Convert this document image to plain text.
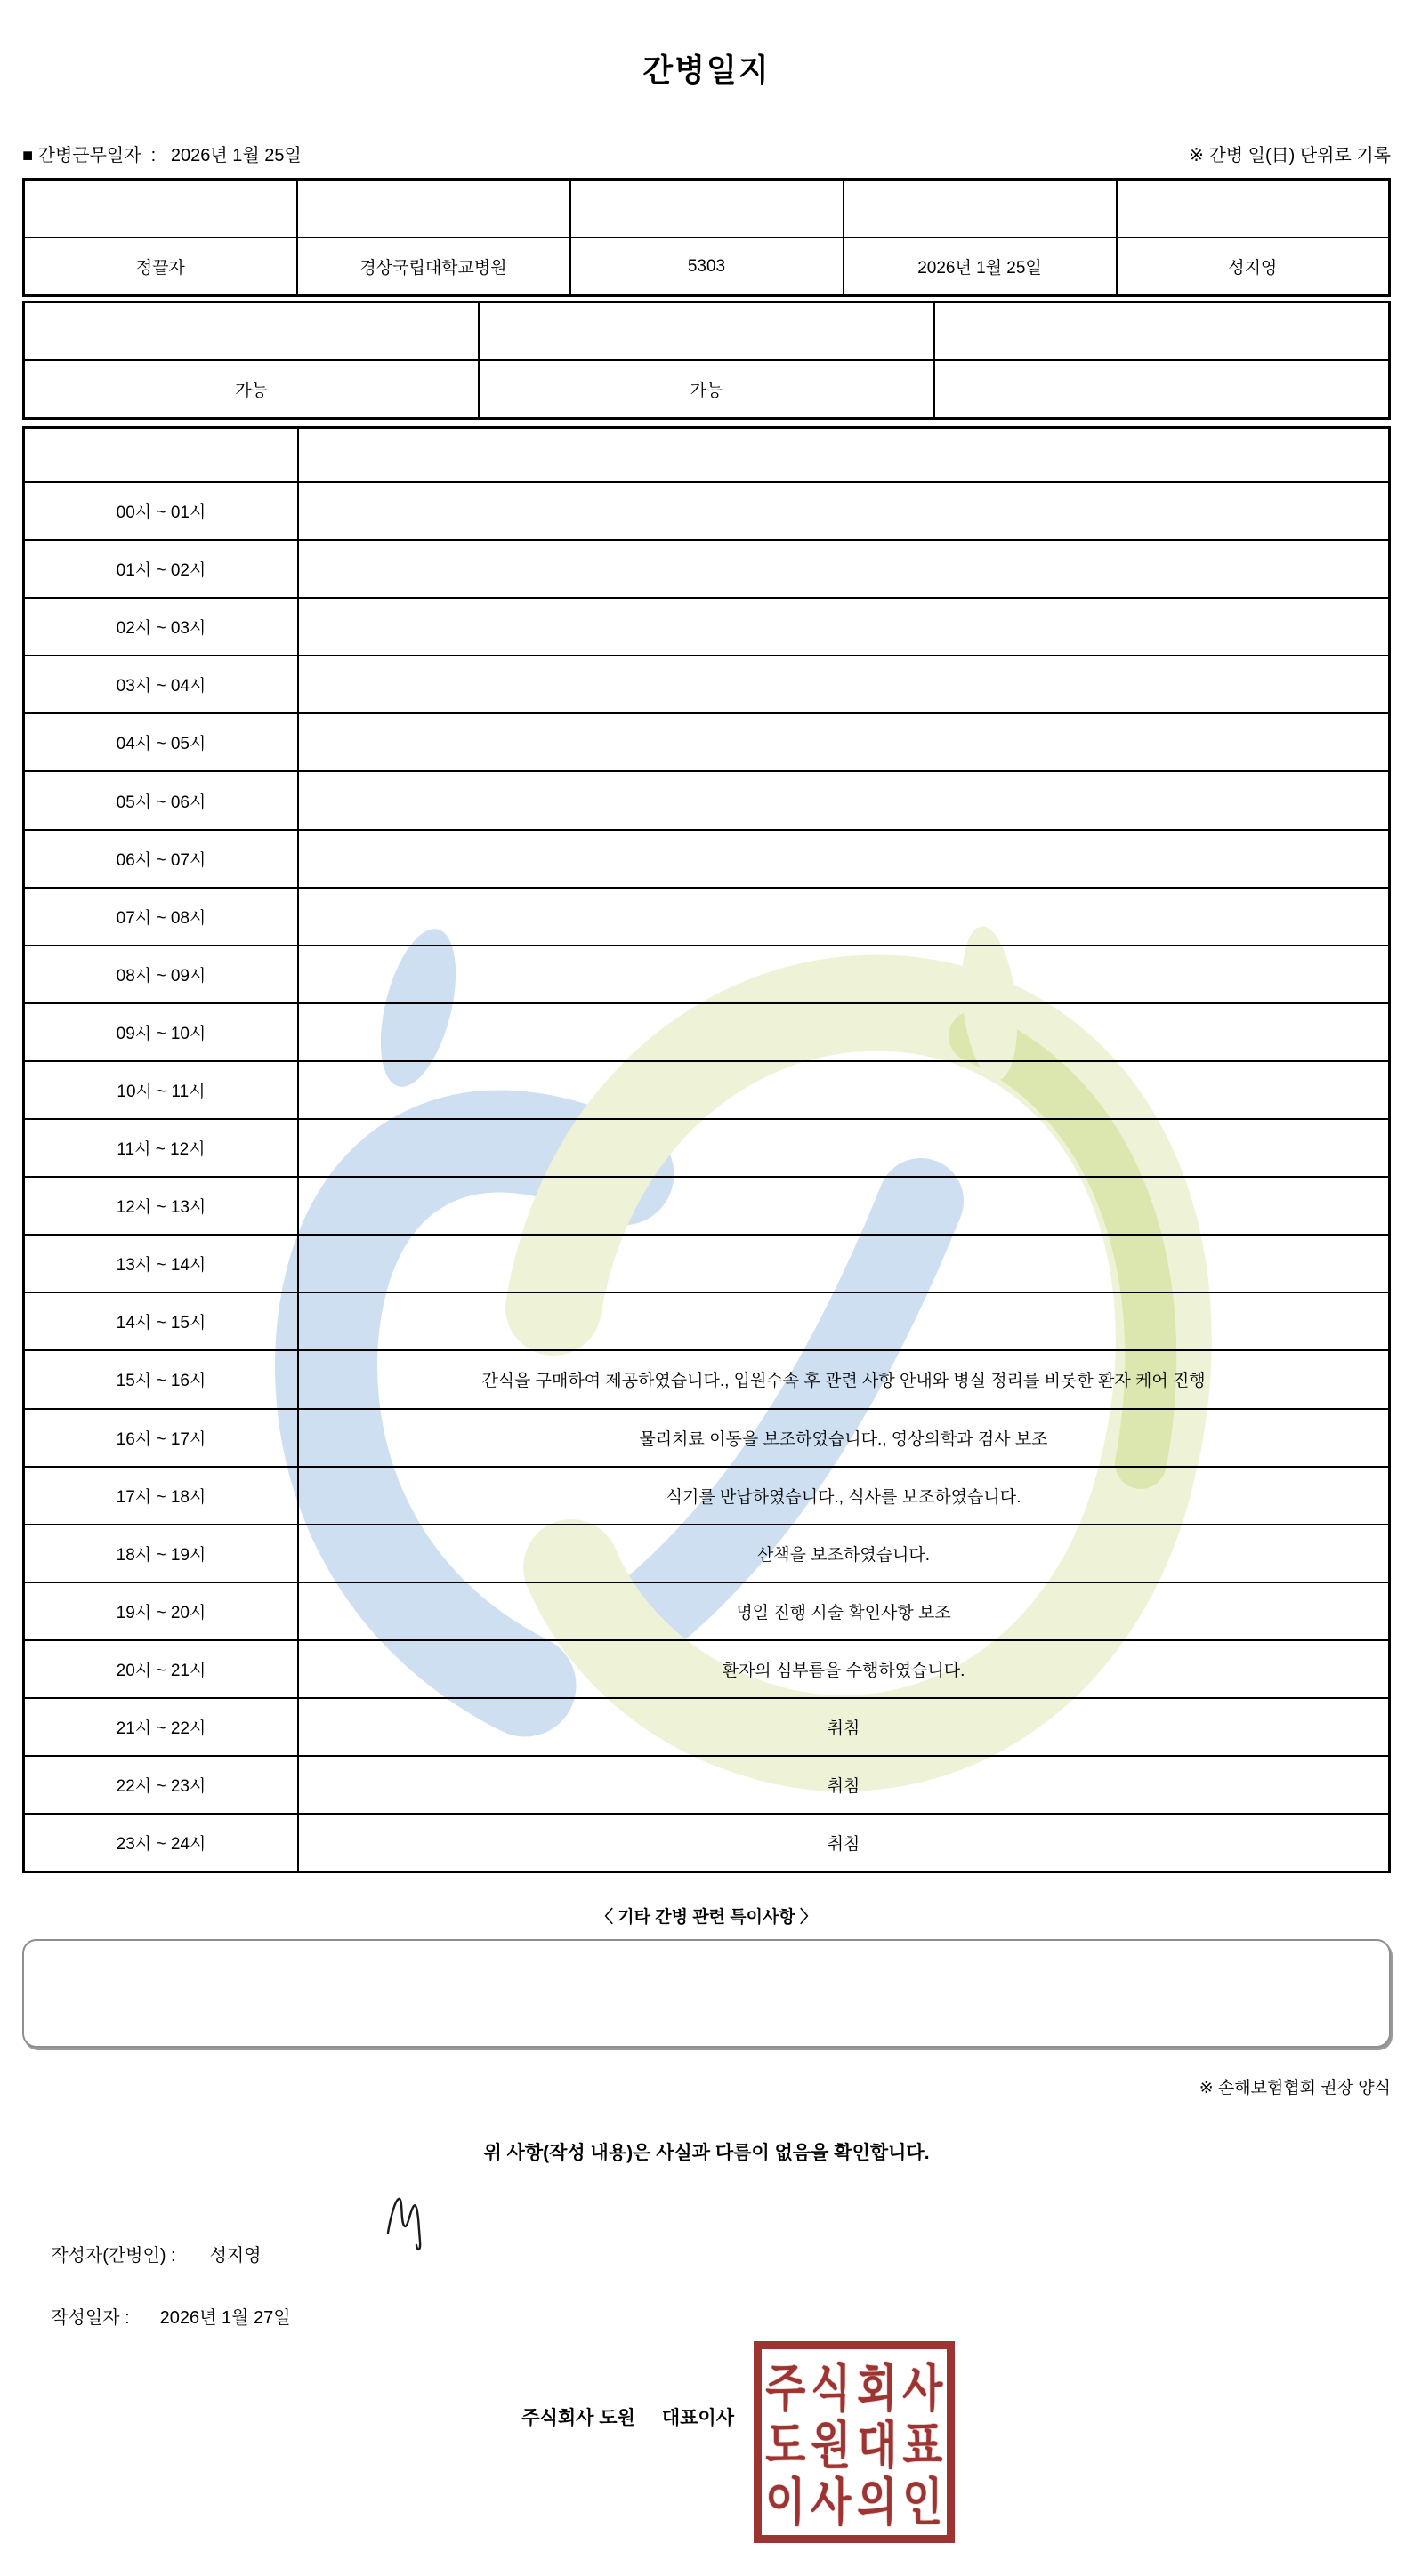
간병일지
■ 간병근무일자  :   2026년 1월 25일	※ 간병 일(日) 단위로 기록
환자성명	의료기관	병실호수	입원날짜	간병인명
정끝자	경상국립대학교병원	5303	2026년 1월 25일	성지영
자가 보행	음식 경구 섭취	체내 관 삽입
가능	가능	
시간	간병 내용
00시 ~ 01시	
01시 ~ 02시	
02시 ~ 03시	
03시 ~ 04시	
04시 ~ 05시	
05시 ~ 06시	
06시 ~ 07시	
07시 ~ 08시	
08시 ~ 09시	
09시 ~ 10시	
10시 ~ 11시	
11시 ~ 12시	
12시 ~ 13시	
13시 ~ 14시	
14시 ~ 15시	
15시 ~ 16시	간식을 구매하여 제공하였습니다., 입원수속 후 관련 사항 안내와 병실 정리를 비롯한 환자 케어 진행
16시 ~ 17시	물리치료 이동을 보조하였습니다., 영상의학과 검사 보조
17시 ~ 18시	식기를 반납하였습니다., 식사를 보조하였습니다.
18시 ~ 19시	산책을 보조하였습니다.
19시 ~ 20시	명일 진행 시술 확인사항 보조
20시 ~ 21시	환자의 심부름을 수행하였습니다.
21시 ~ 22시	취침
22시 ~ 23시	취침
23시 ~ 24시	취침
〈 기타 간병 관련 특이사항 〉
※ 손해보험협회 권장 양식
위 사항(작성 내용)은 사실과 다름이 없음을 확인합니다.

작성자(간병인) : 성지영

작성일자 : 2026년 1월 27일

주식회사 도원 대표이사
주 식 회 사
도 원 대 표
이 사 의 인
